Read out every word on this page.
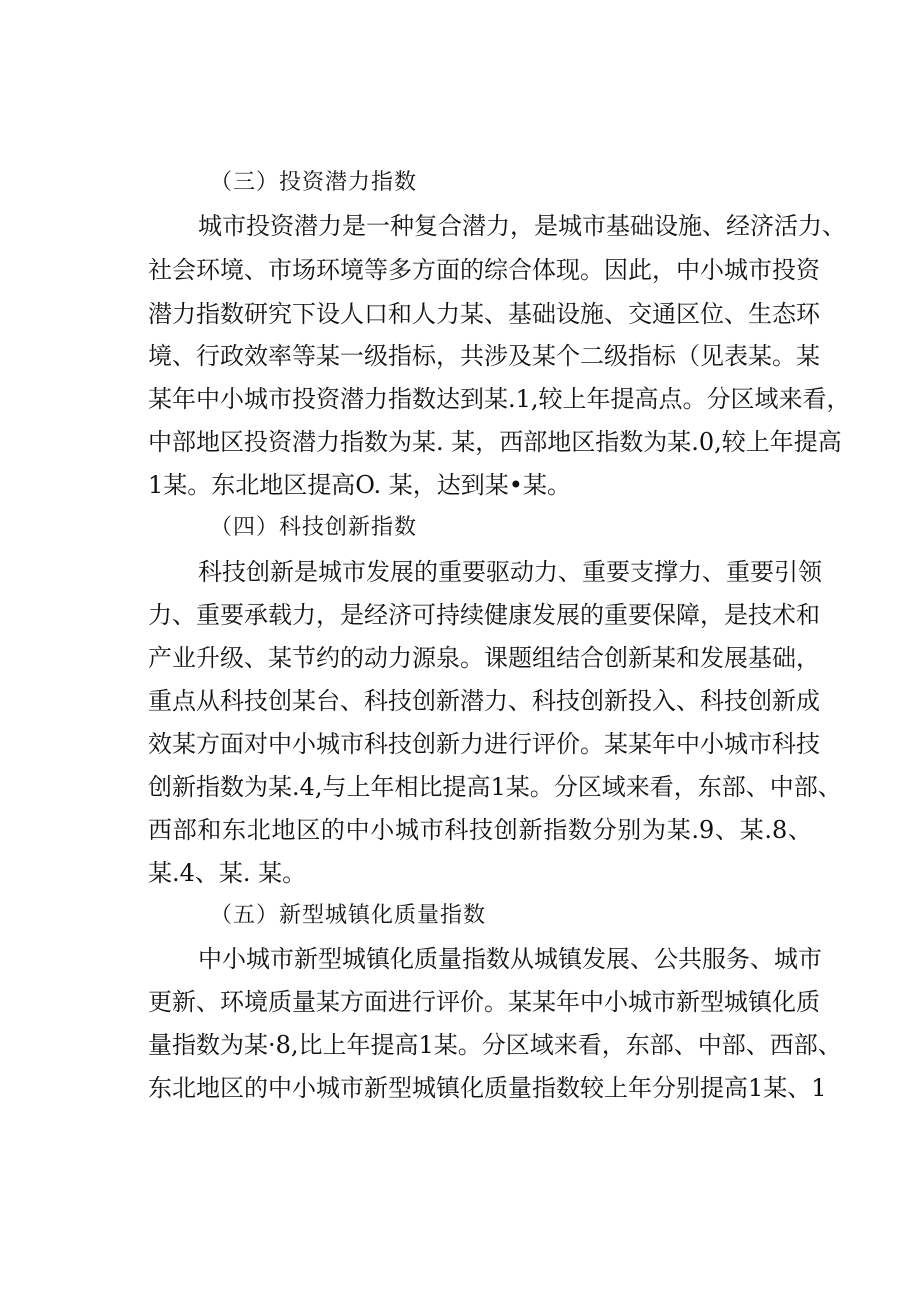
（三）投资潜力指数
城市投资潜力是一种复合潜力，是城市基础设施、经济活力、
社会环境、市场环境等多方面的综合体现。因此，中小城市投资
潜力指数研究下设人口和人力某、基础设施、交通区位、生态环
境、行政效率等某一级指标，共涉及某个二级指标（见表某。某
某年中小城市投资潜力指数达到某.1,较上年提高点。分区域来看，
中部地区投资潜力指数为某. 某，西部地区指数为某.0,较上年提高
1某。东北地区提高O. 某，达到某•某。
（四）科技创新指数
科技创新是城市发展的重要驱动力、重要支撑力、重要引领
力、重要承载力，是经济可持续健康发展的重要保障，是技术和
产业升级、某节约的动力源泉。课题组结合创新某和发展基础，
重点从科技创某台、科技创新潜力、科技创新投入、科技创新成
效某方面对中小城市科技创新力进行评价。某某年中小城市科技
创新指数为某.4,与上年相比提高1某。分区域来看，东部、中部、
西部和东北地区的中小城市科技创新指数分别为某.9、某.8、
某.4、某. 某。
（五）新型城镇化质量指数
中小城市新型城镇化质量指数从城镇发展、公共服务、城市
更新、环境质量某方面进行评价。某某年中小城市新型城镇化质
量指数为某·8,比上年提高1某。分区域来看，东部、中部、西部、
东北地区的中小城市新型城镇化质量指数较上年分别提高1某、1
